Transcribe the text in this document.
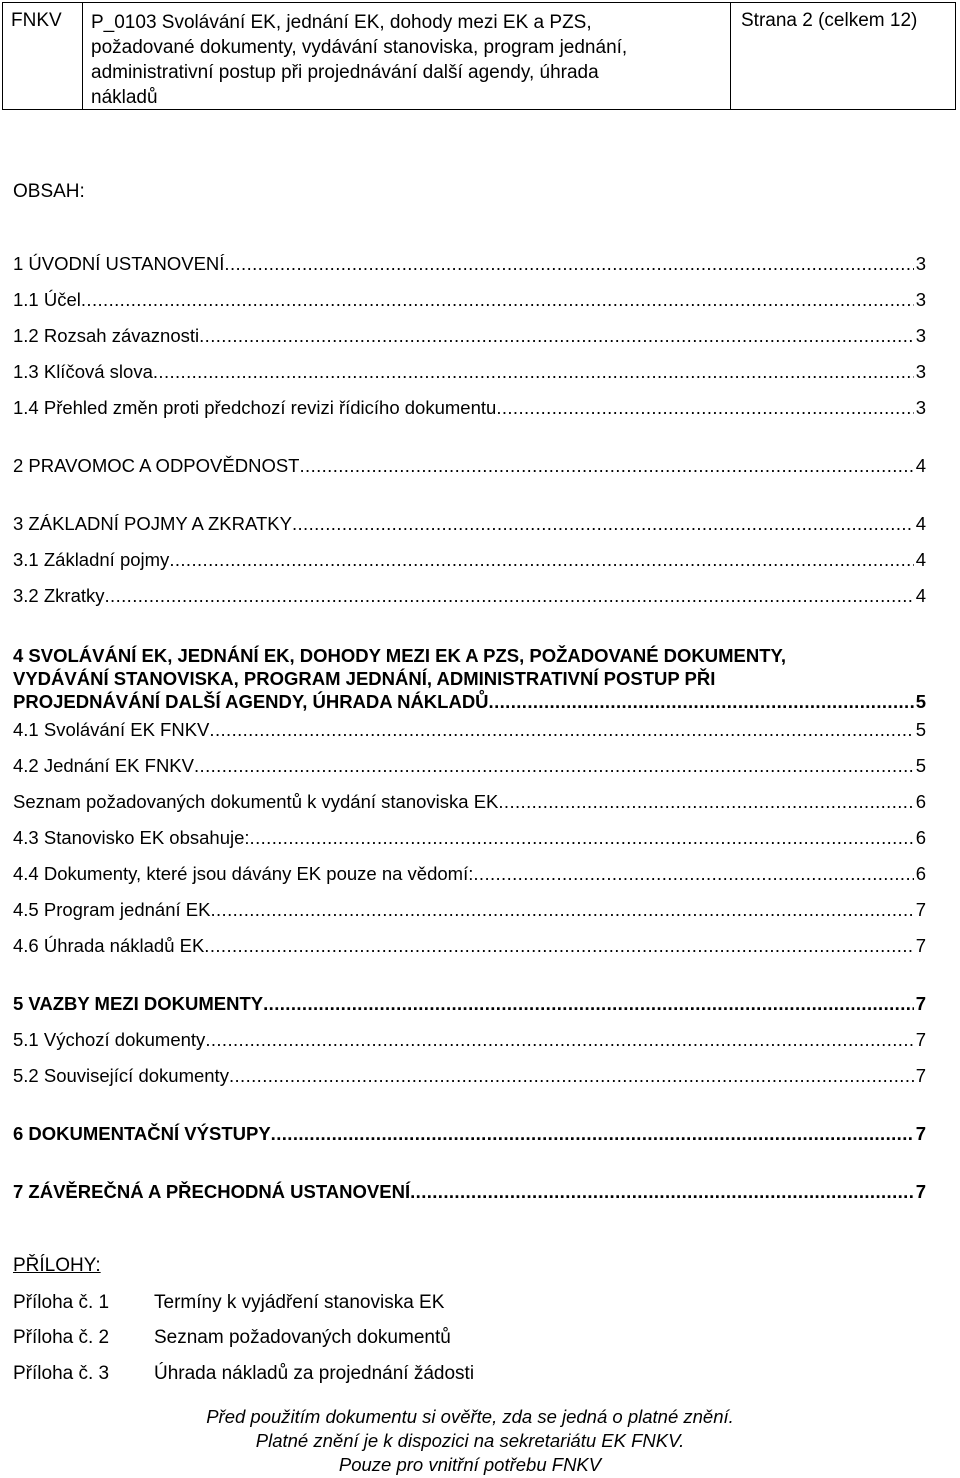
FNKV	P_0103 Svolávání EK, jednání EK, dohody mezi EK a PZS,
požadované dokumenty, vydávání stanoviska, program jednání,
administrativní postup při projednávání další agendy, úhrada
nákladů
Strana 2 (celkem 12)
OBSAH:
1 ÚVODNÍ USTANOVENÍ .....	3
1.1 Účel .....	3
1.2 Rozsah závaznosti .....	3
1.3 Klíčová slova .....	3
1.4 Přehled změn proti předchozí revizi řídicího dokumentu .....	3
2 PRAVOMOC A ODPOVĚDNOST .....	4
3 ZÁKLADNÍ POJMY A ZKRATKY .....	4
3.1 Základní pojmy .....	4
3.2 Zkratky .....	4
4 SVOLÁVÁNÍ EK, JEDNÁNÍ EK, DOHODY MEZI EK A PZS, POŽADOVANÉ DOKUMENTY,
VYDÁVÁNÍ STANOVISKA, PROGRAM JEDNÁNÍ, ADMINISTRATIVNÍ POSTUP PŘI
PROJEDNÁVÁNÍ DALŠÍ AGENDY, ÚHRADA NÁKLADŮ .....	5
4.1 Svolávání EK FNKV .....	5
4.2 Jednání EK FNKV .....	5
Seznam požadovaných dokumentů k vydání stanoviska EK .....	6
4.3 Stanovisko EK obsahuje: .....	6
4.4 Dokumenty, které jsou dávány EK pouze na vědomí: .....	6
4.5 Program jednání EK .....	7
4.6 Úhrada nákladů EK .....	7
5 VAZBY MEZI DOKUMENTY .....	7
5.1 Výchozí dokumenty .....	7
5.2 Související dokumenty .....	7
6 DOKUMENTAČNÍ VÝSTUPY .....	7
7 ZÁVĚREČNÁ A PŘECHODNÁ USTANOVENÍ .....	7
PŘÍLOHY:
Příloha č. 1	Termíny k vyjádření stanoviska EK
Příloha č. 2	Seznam požadovaných dokumentů
Příloha č. 3	Úhrada nákladů za projednání žádosti
Před použitím dokumentu si ověřte, zda se jedná o platné znění.
Platné znění je k dispozici na sekretariátu EK FNKV.
Pouze pro vnitřní potřebu FNKV
